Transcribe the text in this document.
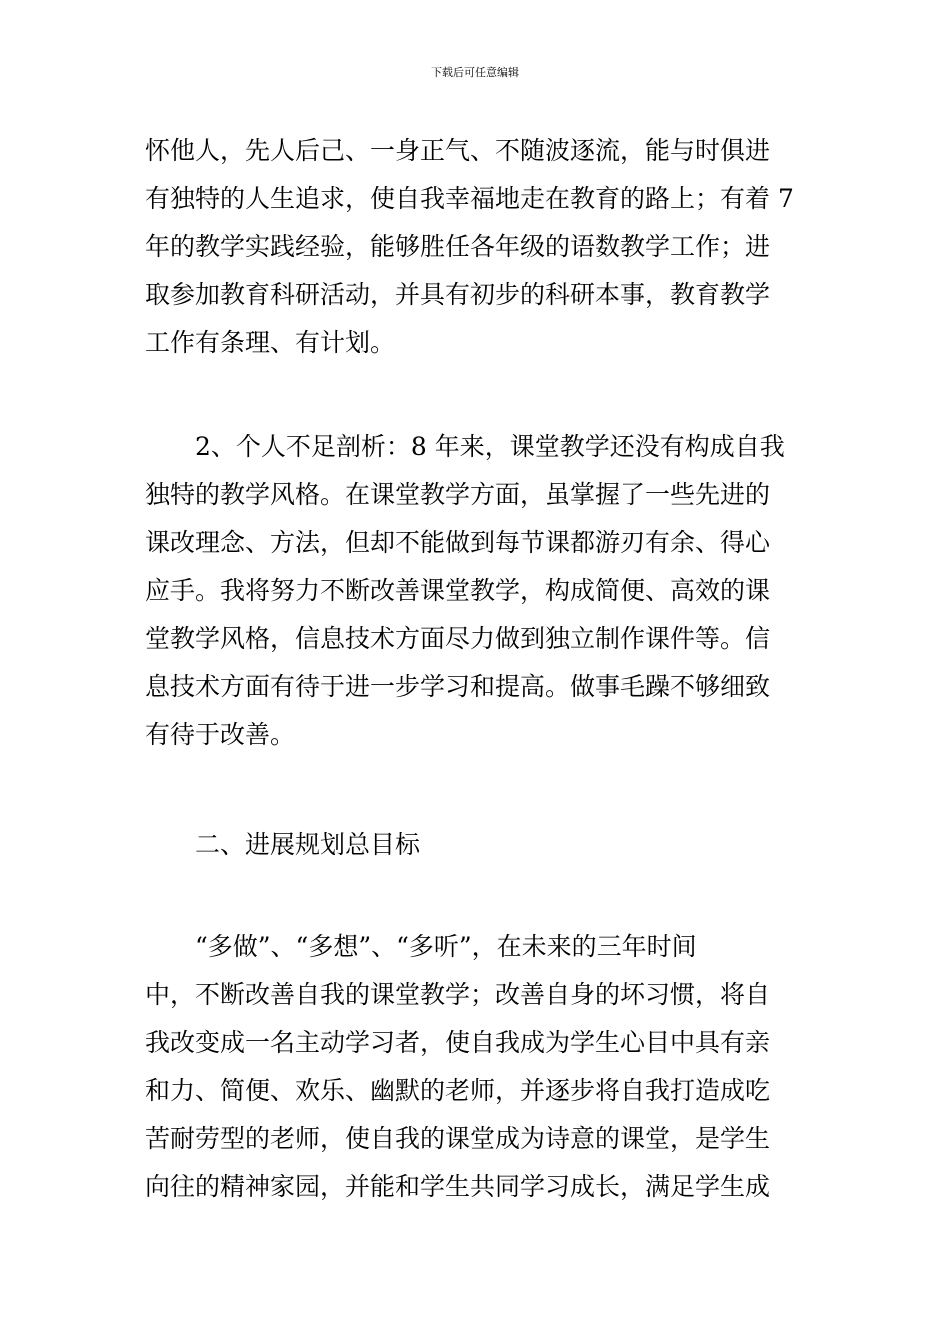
下载后可任意编辑
怀他人，先人后己、一身正气、不随波逐流，能与时俱进
有独特的人生追求，使自我幸福地走在教育的路上；有着 7
年的教学实践经验，能够胜任各年级的语数教学工作；进
取参加教育科研活动，并具有初步的科研本事，教育教学
工作有条理、有计划。
2、个人不足剖析：8 年来，课堂教学还没有构成自我
独特的教学风格。在课堂教学方面，虽掌握了一些先进的
课改理念、方法，但却不能做到每节课都游刃有余、得心
应手。我将努力不断改善课堂教学，构成简便、高效的课
堂教学风格，信息技术方面尽力做到独立制作课件等。信
息技术方面有待于进一步学习和提高。做事毛躁不够细致
有待于改善。
二、进展规划总目标
“多做”、“多想”、“多听”，在未来的三年时间
中，不断改善自我的课堂教学；改善自身的坏习惯，将自
我改变成一名主动学习者，使自我成为学生心目中具有亲
和力、简便、欢乐、幽默的老师，并逐步将自我打造成吃
苦耐劳型的老师，使自我的课堂成为诗意的课堂，是学生
向往的精神家园，并能和学生共同学习成长，满足学生成
